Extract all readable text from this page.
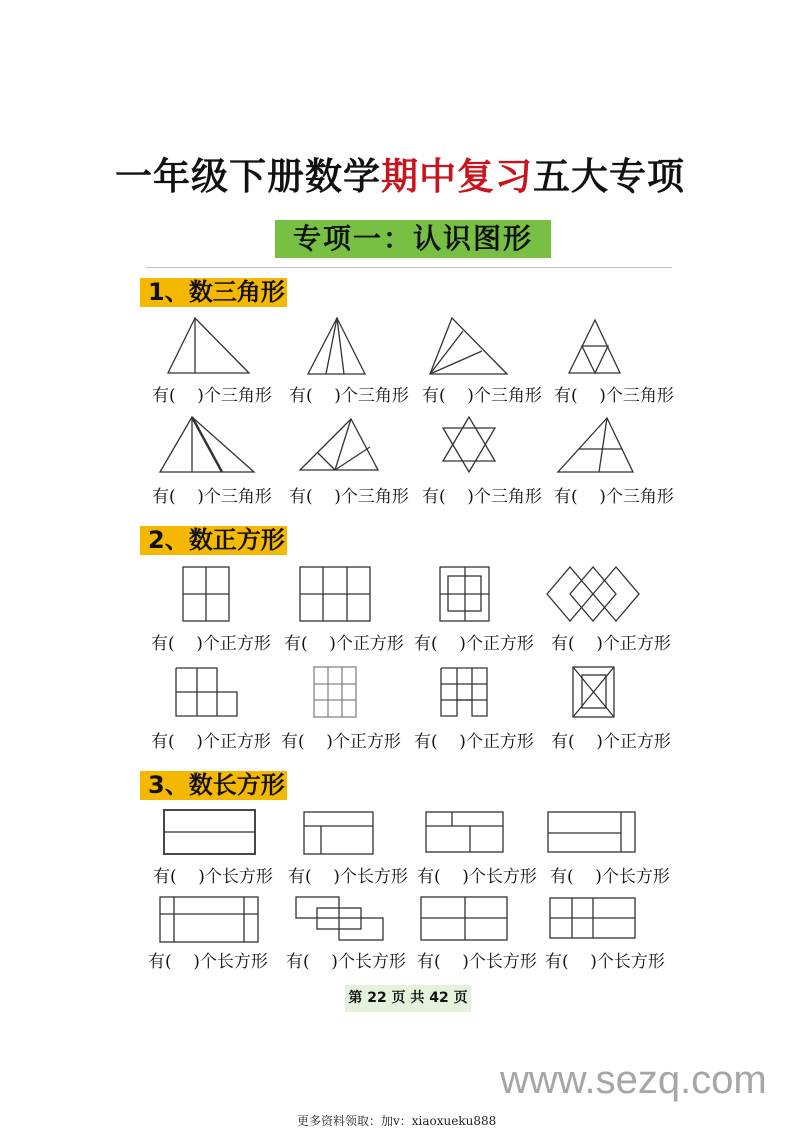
一年级下册数学期中复习五大专项
专项一：认识图形
1、数三角形
2、数正方形
3、数长方形
有(    )个三角形 有(    )个三角形 有(    )个三角形 有(    )个三角形
有(    )个三角形 有(    )个三角形 有(    )个三角形 有(    )个三角形
有(    )个正方形 有(    )个正方形 有(    )个正方形 有(    )个正方形
有(    )个正方形 有(    )个正方形 有(    )个正方形 有(    )个正方形
有(    )个长方形 有(    )个长方形 有(    )个长方形 有(    )个长方形
有(    )个长方形 有(    )个长方形 有(    )个长方形 有(    )个长方形
第 22 页 共 42 页
www.sezq.com
更多资料领取：加v：xiaoxueku888
